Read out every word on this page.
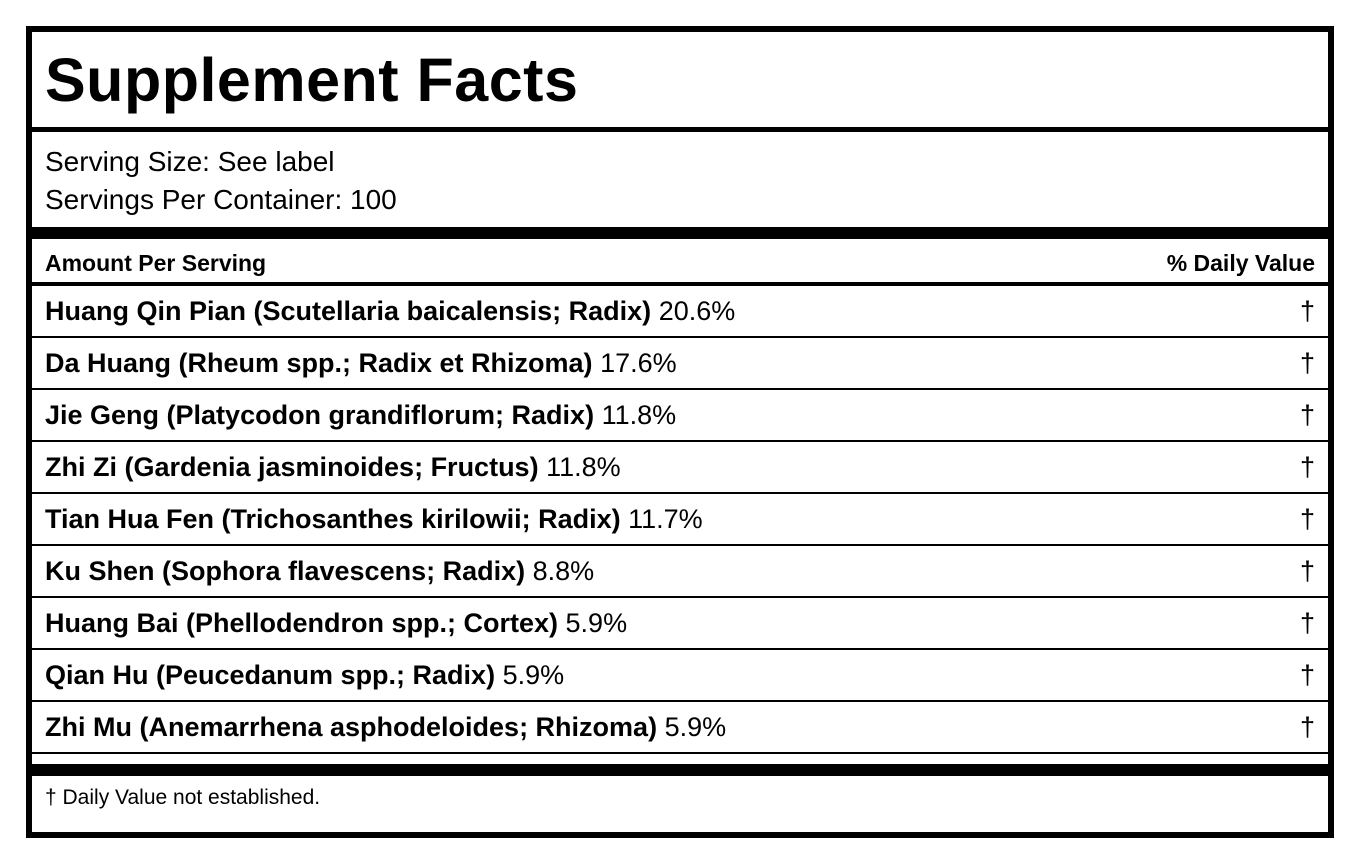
Supplement Facts
Serving Size: See label
Servings Per Container: 100
Amount Per Serving	% Daily Value
Huang Qin Pian (Scutellaria baicalensis; Radix) 20.6%	†
Da Huang (Rheum spp.; Radix et Rhizoma) 17.6%	†
Jie Geng (Platycodon grandiflorum; Radix) 11.8%	†
Zhi Zi (Gardenia jasminoides; Fructus) 11.8%	†
Tian Hua Fen (Trichosanthes kirilowii; Radix) 11.7%	†
Ku Shen (Sophora flavescens; Radix) 8.8%	†
Huang Bai (Phellodendron spp.; Cortex) 5.9%	†
Qian Hu (Peucedanum spp.; Radix) 5.9%	†
Zhi Mu (Anemarrhena asphodeloides; Rhizoma) 5.9%	†
† Daily Value not established.
